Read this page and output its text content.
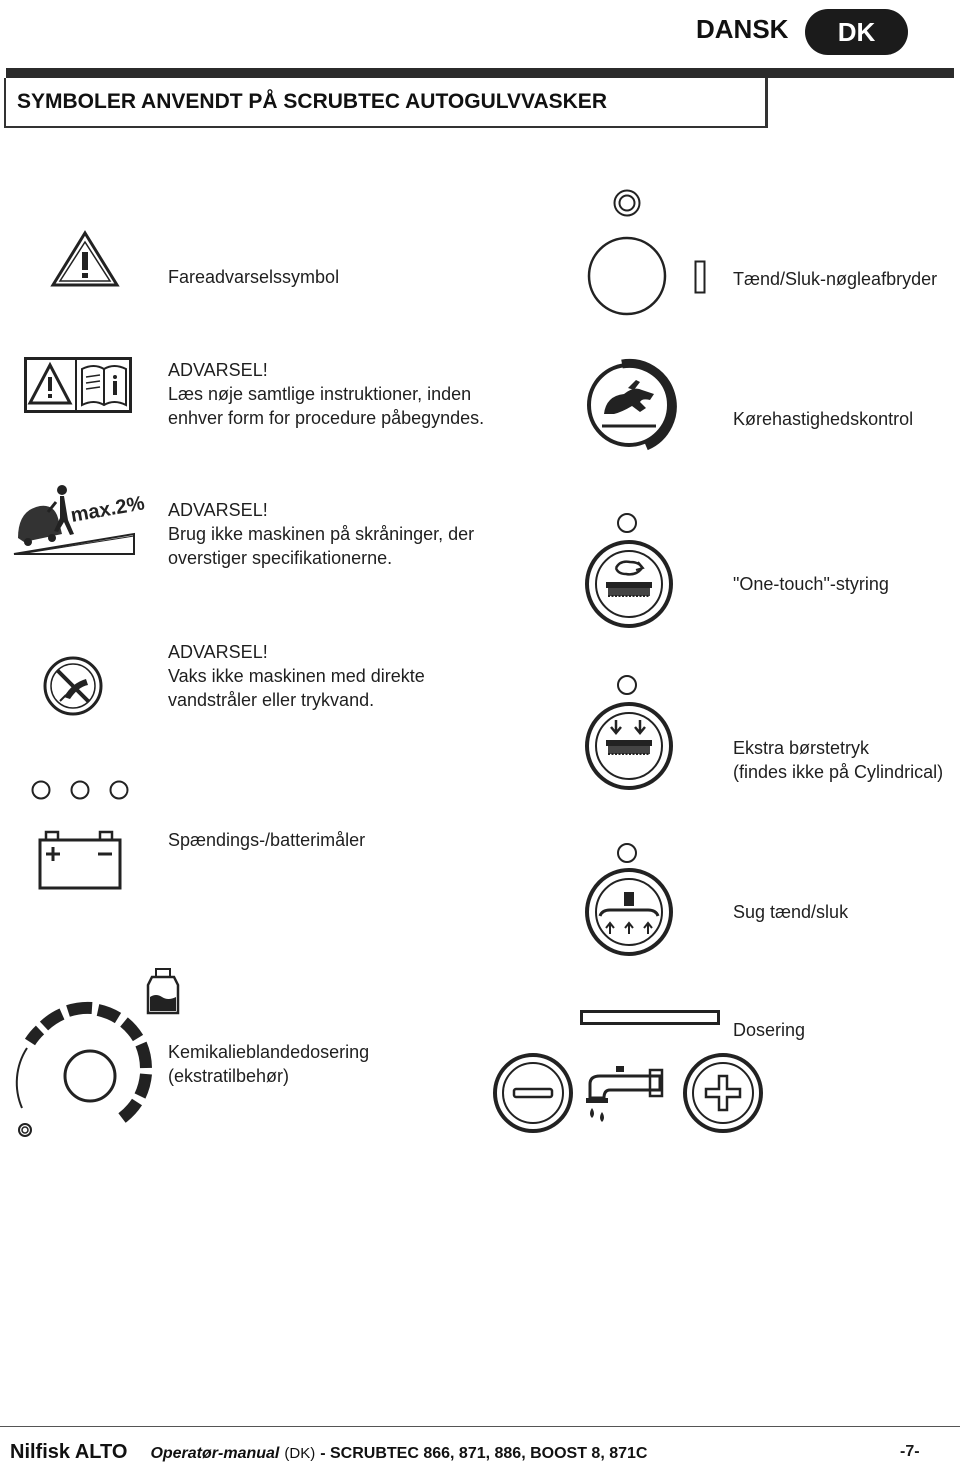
DANSK	DK
SYMBOLER ANVENDT PÅ SCRUBTEC AUTOGULVVASKER
Fareadvarselssymbol
ADVARSEL!
Læs nøje samtlige instruktioner, inden
enhver form for procedure påbegyndes.
max.2% ADVARSEL!
Brug ikke maskinen på skråninger, der
overstiger specifikationerne.
ADVARSEL!
Vaks ikke maskinen med direkte
vandstråler eller trykvand.
Spændings-/batterimåler
Kemikalieblandedosering
(ekstratilbehør)
Tænd/Sluk-nøgleafbryder
Kørehastighedskontrol
"One-touch"-styring
Ekstra børstetryk
(findes ikke på Cylindrical)
Sug tænd/sluk
Dosering
Nilfisk ALTO Operatør-manual (DK) - SCRUBTEC 866, 871, 886, BOOST 8, 871C	-7-
